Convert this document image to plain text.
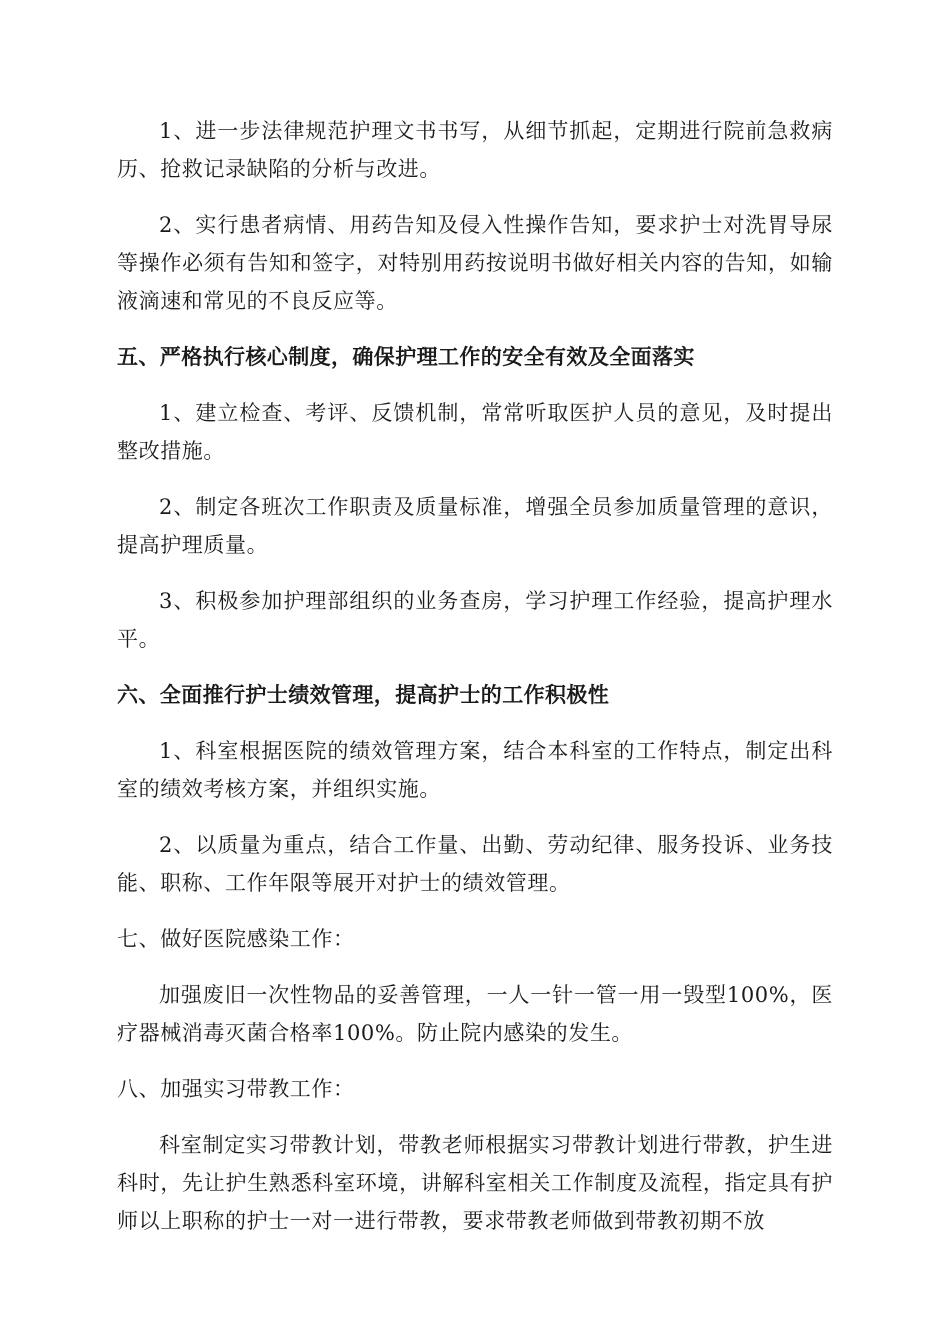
1、进一步法律规范护理文书书写，从细节抓起，定期进行院前急救病历、抢救记录缺陷的分析与改进。

2、实行患者病情、用药告知及侵入性操作告知，要求护士对洗胃导尿等操作必须有告知和签字，对特别用药按说明书做好相关内容的告知，如输液滴速和常见的不良反应等。

五、严格执行核心制度，确保护理工作的安全有效及全面落实

1、建立检查、考评、反馈机制，常常听取医护人员的意见，及时提出整改措施。

2、制定各班次工作职责及质量标准，增强全员参加质量管理的意识，提高护理质量。

3、积极参加护理部组织的业务查房，学习护理工作经验，提高护理水平。

六、全面推行护士绩效管理，提高护士的工作积极性

1、科室根据医院的绩效管理方案，结合本科室的工作特点，制定出科室的绩效考核方案，并组织实施。

2、以质量为重点，结合工作量、出勤、劳动纪律、服务投诉、业务技能、职称、工作年限等展开对护士的绩效管理。

七、做好医院感染工作：

加强废旧一次性物品的妥善管理，一人一针一管一用一毁型100%，医疗器械消毒灭菌合格率100%。防止院内感染的发生。

八、加强实习带教工作：

科室制定实习带教计划，带教老师根据实习带教计划进行带教，护生进科时，先让护生熟悉科室环境，讲解科室相关工作制度及流程，指定具有护师以上职称的护士一对一进行带教，要求带教老师做到带教初期不放
